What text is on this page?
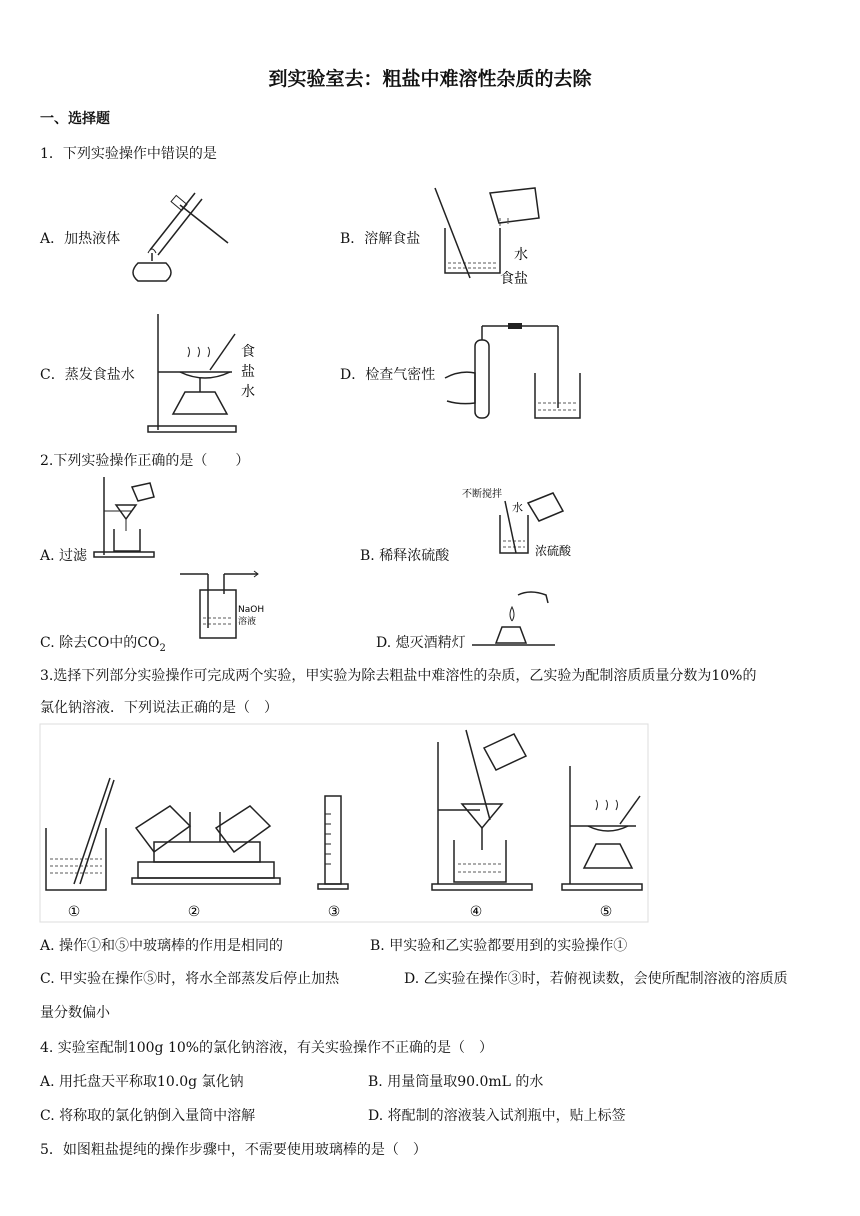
到实验室去：粗盐中难溶性杂质的去除
一、选择题
1．下列实验操作中错误的是
A．加热液体	B．溶解食盐
C．蒸发食盐水	D．检查气密性
水
食盐
食
盐
水
2.下列实验操作正确的是（　　）
A. 过滤	B. 稀释浓硫酸
C. 除去CO中的$CO_2$	D. 熄灭酒精灯
不断搅拌
水
浓硫酸
NaOH
溶液
3.选择下列部分实验操作可完成两个实验，甲实验为除去粗盐中难溶性的杂质，乙实验为配制溶质质量分数为10%的
氯化钠溶液．下列说法正确的是（　）
①	②	③	④	⑤
A. 操作①和⑤中玻璃棒的作用是相同的	B. 甲实验和乙实验都要用到的实验操作①
C. 甲实验在操作⑤时，将水全部蒸发后停止加热	D. 乙实验在操作③时，若俯视读数，会使所配制溶液的溶质质
量分数偏小
4. 实验室配制100g 10%的氯化钠溶液，有关实验操作不正确的是（　）
A. 用托盘天平称取10.0g 氯化钠	B. 用量筒量取90.0mL 的水
C. 将称取的氯化钠倒入量筒中溶解	D. 将配制的溶液装入试剂瓶中，贴上标签
5．如图粗盐提纯的操作步骤中，不需要使用玻璃棒的是（　）
